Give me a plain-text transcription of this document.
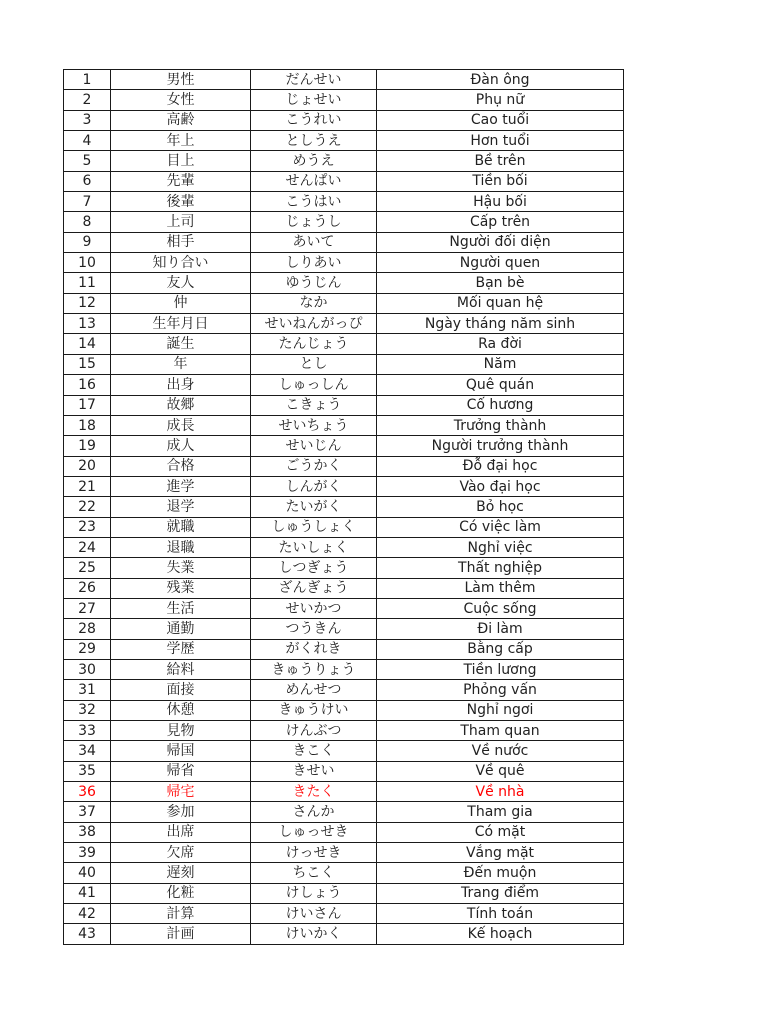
1	男性	だんせい	Đàn ông
2	女性	じょせい	Phụ nữ
3	高齢	こうれい	Cao tuổi
4	年上	としうえ	Hơn tuổi
5	目上	めうえ	Bề trên
6	先輩	せんぱい	Tiền bối
7	後輩	こうはい	Hậu bối
8	上司	じょうし	Cấp trên
9	相手	あいて	Người đối diện
10	知り合い	しりあい	Người quen
11	友人	ゆうじん	Bạn bè
12	仲	なか	Mối quan hệ
13	生年月日	せいねんがっぴ	Ngày tháng năm sinh
14	誕生	たんじょう	Ra đời
15	年	とし	Năm
16	出身	しゅっしん	Quê quán
17	故郷	こきょう	Cố hương
18	成長	せいちょう	Trưởng thành
19	成人	せいじん	Người trưởng thành
20	合格	ごうかく	Đỗ đại học
21	進学	しんがく	Vào đại học
22	退学	たいがく	Bỏ học
23	就職	しゅうしょく	Có việc làm
24	退職	たいしょく	Nghỉ việc
25	失業	しつぎょう	Thất nghiệp
26	残業	ざんぎょう	Làm thêm
27	生活	せいかつ	Cuộc sống
28	通勤	つうきん	Đi làm
29	学歴	がくれき	Bằng cấp
30	給料	きゅうりょう	Tiền lương
31	面接	めんせつ	Phỏng vấn
32	休憩	きゅうけい	Nghỉ ngơi
33	見物	けんぶつ	Tham quan
34	帰国	きこく	Về nước
35	帰省	きせい	Về quê
36	帰宅	きたく	Về nhà
37	参加	さんか	Tham gia
38	出席	しゅっせき	Có mặt
39	欠席	けっせき	Vắng mặt
40	遅刻	ちこく	Đến muộn
41	化粧	けしょう	Trang điểm
42	計算	けいさん	Tính toán
43	計画	けいかく	Kế hoạch
